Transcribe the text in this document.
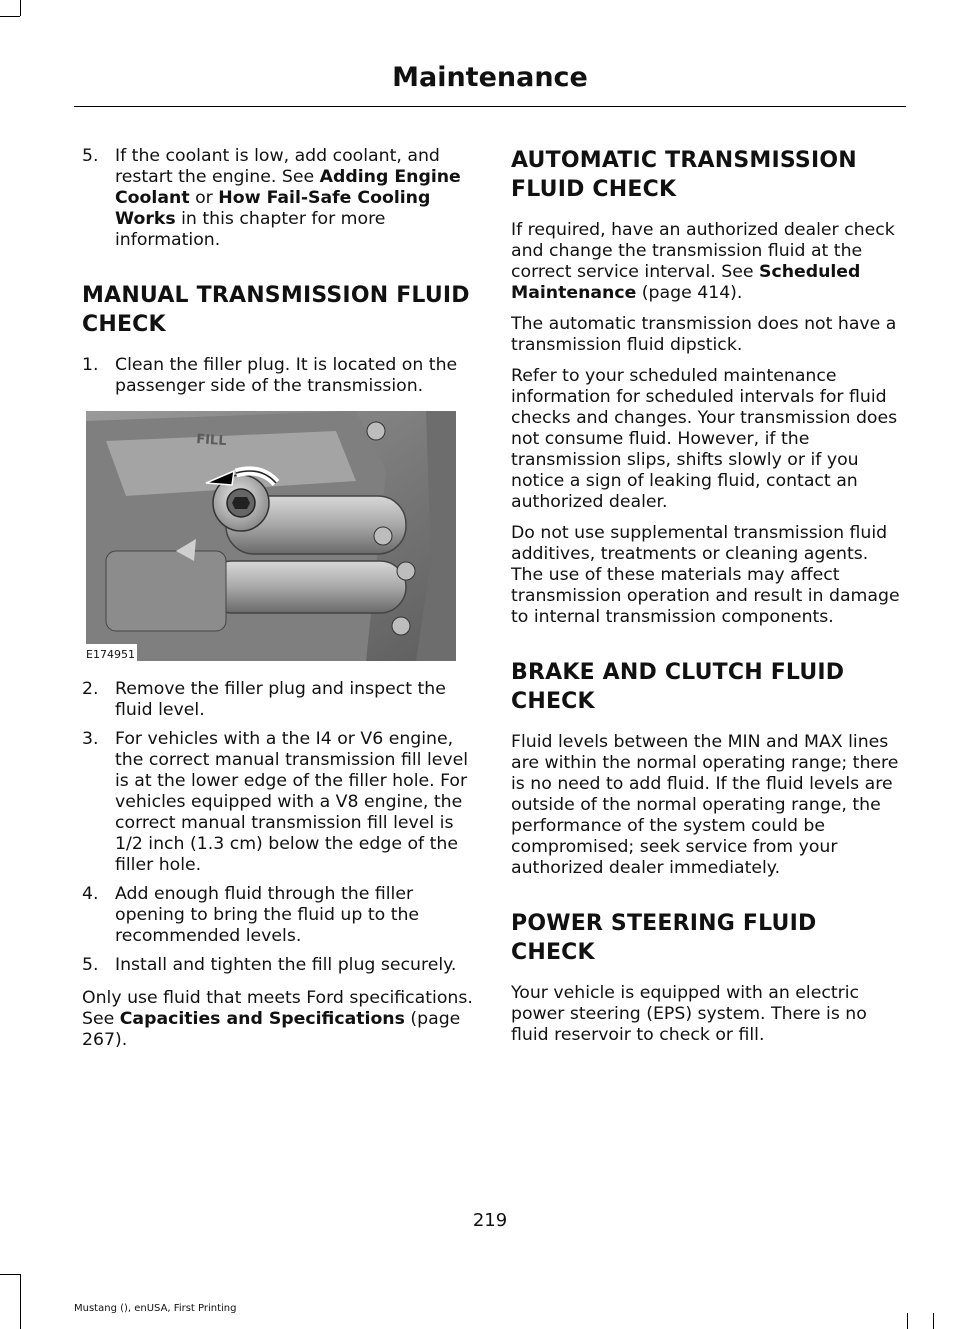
Maintenance
5. If the coolant is low, add coolant, and restart the engine. See Adding Engine Coolant or How Fail-Safe Cooling Works in this chapter for more information.
MANUAL TRANSMISSION FLUID CHECK
1. Clean the filler plug. It is located on the passenger side of the transmission.
FILL
E174951
2. Remove the filler plug and inspect the fluid level.
3. For vehicles with a the I4 or V6 engine, the correct manual transmission fill level is at the lower edge of the filler hole. For vehicles equipped with a V8 engine, the correct manual transmission fill level is 1/2 inch (1.3 cm) below the edge of the filler hole.
4. Add enough fluid through the filler opening to bring the fluid up to the recommended levels.
5. Install and tighten the fill plug securely.

Only use fluid that meets Ford specifications. See Capacities and Specifications (page 267).

AUTOMATIC TRANSMISSION FLUID CHECK

If required, have an authorized dealer check and change the transmission fluid at the correct service interval. See Scheduled Maintenance (page 414).

The automatic transmission does not have a transmission fluid dipstick.

Refer to your scheduled maintenance information for scheduled intervals for fluid checks and changes. Your transmission does not consume fluid. However, if the transmission slips, shifts slowly or if you notice a sign of leaking fluid, contact an authorized dealer.

Do not use supplemental transmission fluid additives, treatments or cleaning agents. The use of these materials may affect transmission operation and result in damage to internal transmission components.

BRAKE AND CLUTCH FLUID CHECK

Fluid levels between the MIN and MAX lines are within the normal operating range; there is no need to add fluid. If the fluid levels are outside of the normal operating range, the performance of the system could be compromised; seek service from your authorized dealer immediately.

POWER STEERING FLUID CHECK

Your vehicle is equipped with an electric power steering (EPS) system. There is no fluid reservoir to check or fill.

219
Mustang (), enUSA, First Printing
